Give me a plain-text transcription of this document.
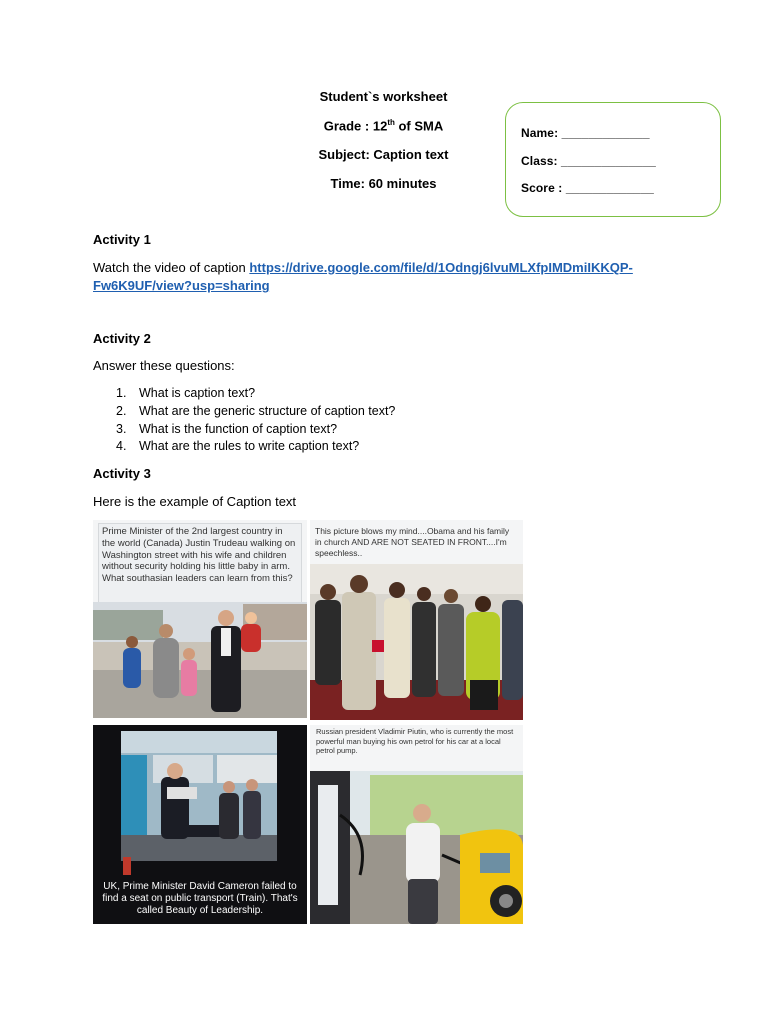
Student`s worksheet
Grade : 12th of SMA
Subject: Caption text
Time: 60 minutes
Name: _____________
Class: ______________
Score : _____________
Activity 1
Watch the video of caption https://drive.google.com/file/d/1Odngj6lvuMLXfpIMDmiIKKQP-
Fw6K9UF/view?usp=sharing
Activity 2
Answer these questions:
1. What is caption text?
2. What are the generic structure of caption text?
3. What is the function of caption text?
4. What are the rules to write caption text?
Activity 3
Here is the example of Caption text
Prime Minister of the 2nd largest country in the world (Canada) Justin Trudeau walking on Washington street with his wife and children without security holding his little baby in arm. What southasian leaders can learn from this?
This picture blows my mind....Obama and his family in church AND ARE NOT SEATED IN FRONT....I'm speechless..
UK, Prime Minister David Cameron failed to find a seat on public transport (Train). That's called Beauty of Leadership.
Russian president Vladimir Piutin, who is currently the most powerful man buying his own petrol for his car at a local petrol pump.
